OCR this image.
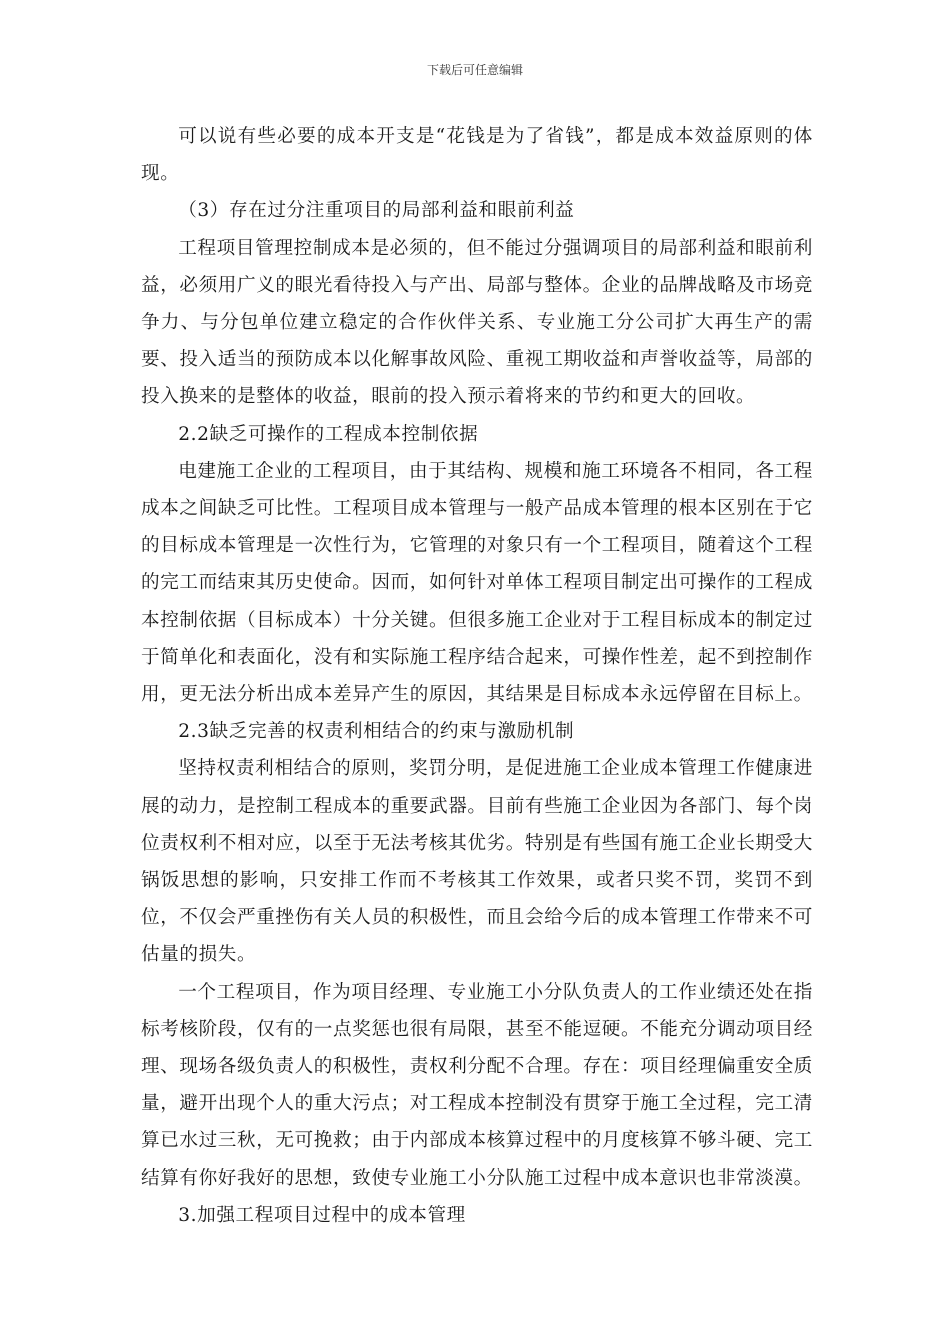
下载后可任意编辑

可以说有些必要的成本开支是“花钱是为了省钱”，都是成本效益原则的体现。

（3）存在过分注重项目的局部利益和眼前利益

工程项目管理控制成本是必须的，但不能过分强调项目的局部利益和眼前利益，必须用广义的眼光看待投入与产出、局部与整体。企业的品牌战略及市场竞争力、与分包单位建立稳定的合作伙伴关系、专业施工分公司扩大再生产的需要、投入适当的预防成本以化解事故风险、重视工期收益和声誉收益等，局部的投入换来的是整体的收益，眼前的投入预示着将来的节约和更大的回收。

2.2缺乏可操作的工程成本控制依据

电建施工企业的工程项目，由于其结构、规模和施工环境各不相同，各工程成本之间缺乏可比性。工程项目成本管理与一般产品成本管理的根本区别在于它的目标成本管理是一次性行为，它管理的对象只有一个工程项目，随着这个工程的完工而结束其历史使命。因而，如何针对单体工程项目制定出可操作的工程成本控制依据（目标成本）十分关键。但很多施工企业对于工程目标成本的制定过于简单化和表面化，没有和实际施工程序结合起来，可操作性差，起不到控制作用，更无法分析出成本差异产生的原因，其结果是目标成本永远停留在目标上。

2.3缺乏完善的权责利相结合的约束与激励机制

坚持权责利相结合的原则，奖罚分明，是促进施工企业成本管理工作健康进展的动力，是控制工程成本的重要武器。目前有些施工企业因为各部门、每个岗位责权利不相对应，以至于无法考核其优劣。特别是有些国有施工企业长期受大锅饭思想的影响，只安排工作而不考核其工作效果，或者只奖不罚，奖罚不到位，不仅会严重挫伤有关人员的积极性，而且会给今后的成本管理工作带来不可估量的损失。

一个工程项目，作为项目经理、专业施工小分队负责人的工作业绩还处在指标考核阶段，仅有的一点奖惩也很有局限，甚至不能逗硬。不能充分调动项目经理、现场各级负责人的积极性，责权利分配不合理。存在：项目经理偏重安全质量，避开出现个人的重大污点；对工程成本控制没有贯穿于施工全过程，完工清算已水过三秋，无可挽救；由于内部成本核算过程中的月度核算不够斗硬、完工结算有你好我好的思想，致使专业施工小分队施工过程中成本意识也非常淡漠。

3.加强工程项目过程中的成本管理
